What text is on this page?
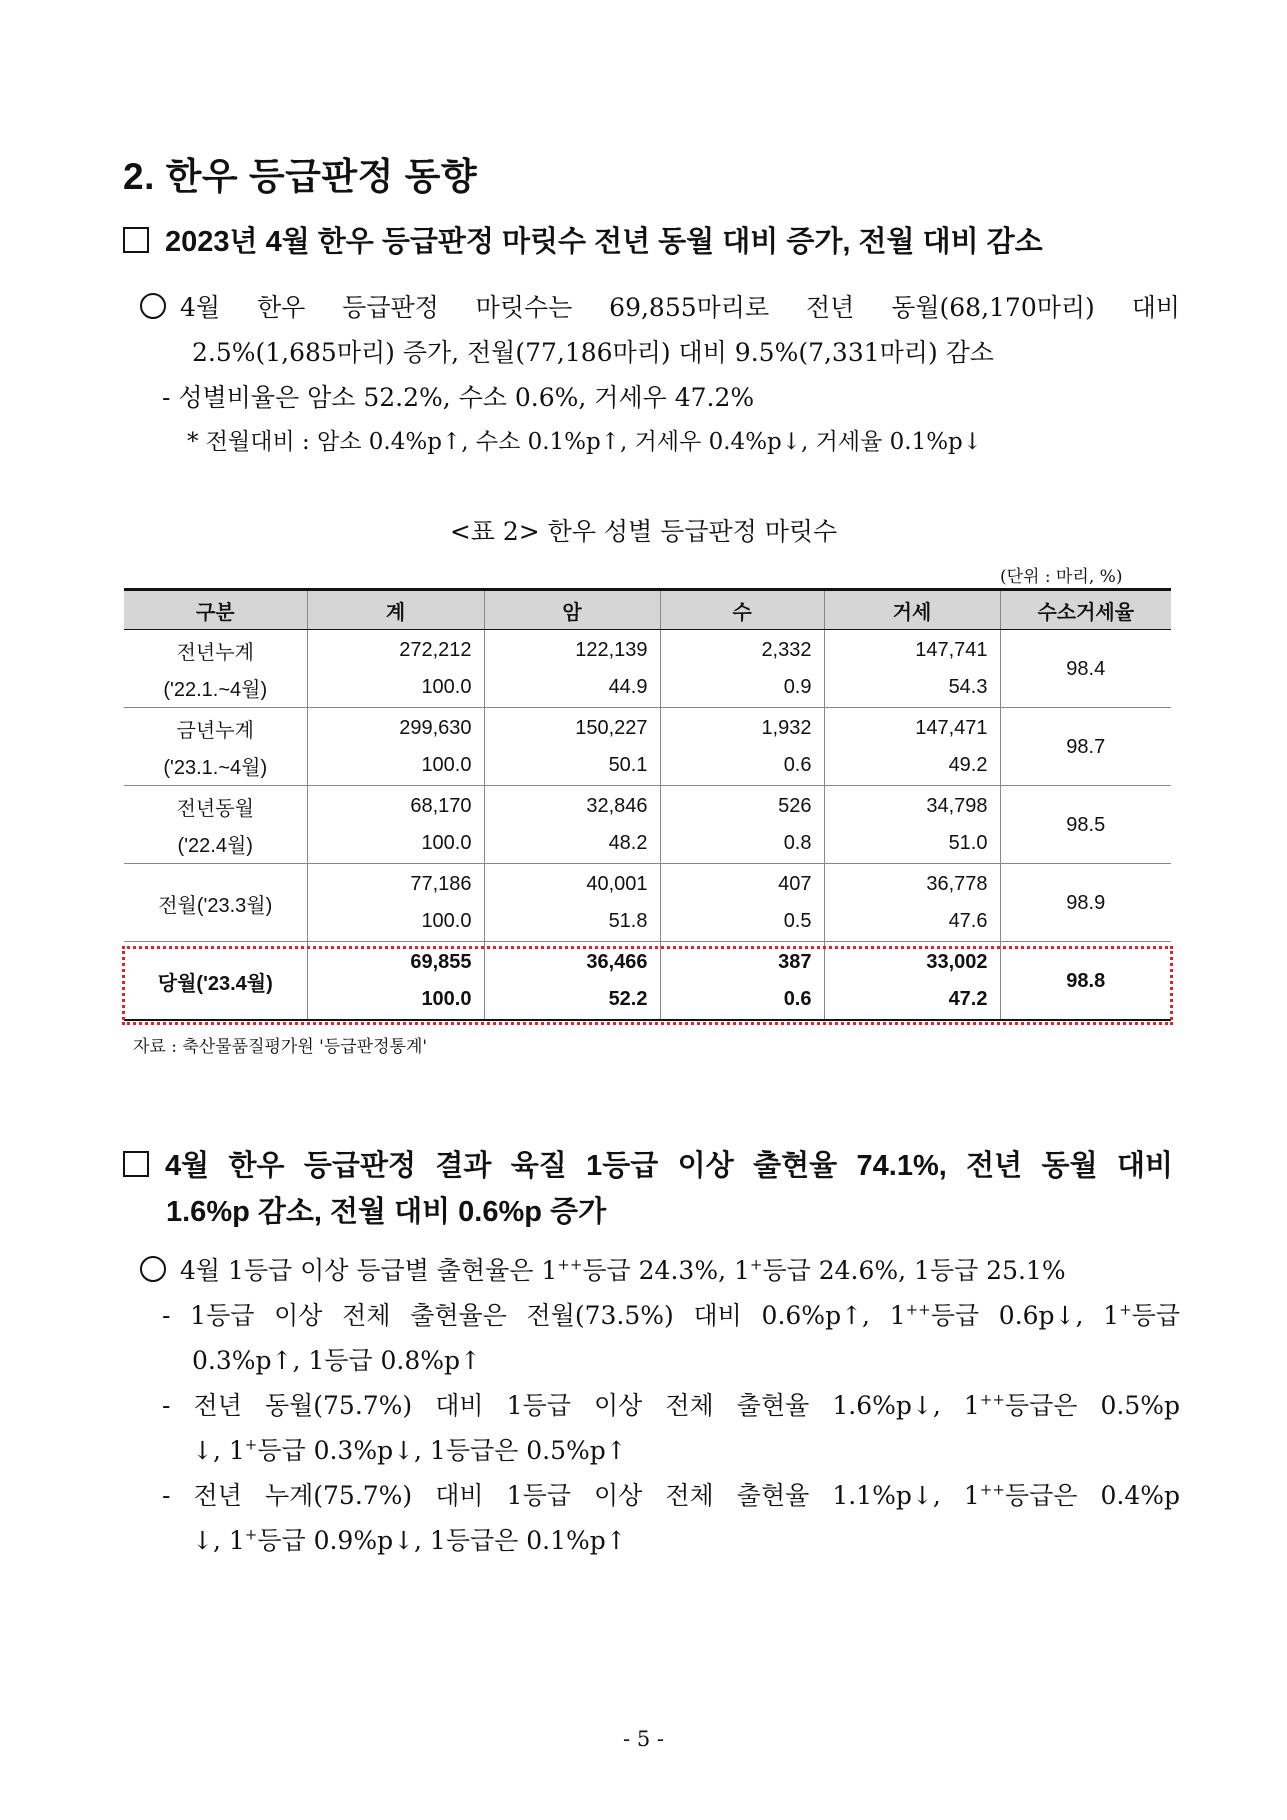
2. 한우 등급판정 동향
2023년 4월 한우 등급판정 마릿수 전년 동월 대비 증가, 전월 대비 감소
4월 한우 등급판정 마릿수는 69,855마리로 전년 동월(68,170마리) 대비
2.5%(1,685마리) 증가, 전월(77,186마리) 대비 9.5%(7,331마리) 감소
- 성별비율은 암소 52.2%, 수소 0.6%, 거세우 47.2%
* 전월대비 : 암소 0.4%p↑, 수소 0.1%p↑, 거세우 0.4%p↓, 거세율 0.1%p↓
<표 2> 한우 성별 등급판정 마릿수
(단위 : 마리, %)
구분	계	암	수	거세	수소거세율
전년누계	272,212	122,139	2,332	147,741	98.4
('22.1.~4월)	100.0	44.9	0.9	54.3	
금년누계	299,630	150,227	1,932	147,471	98.7
('23.1.~4월)	100.0	50.1	0.6	49.2	
전년동월	68,170	32,846	526	34,798	98.5
('22.4월)	100.0	48.2	0.8	51.0	
전월('23.3월)	77,186	40,001	407	36,778	98.9
	100.0	51.8	0.5	47.6	
당월('23.4월)	69,855	36,466	387	33,002	98.8
	100.0	52.2	0.6	47.2	
자료 : 축산물품질평가원 '등급판정통계'
4월 한우 등급판정 결과 육질 1등급 이상 출현율 74.1%, 전년 동월 대비
1.6%p 감소, 전월 대비 0.6%p 증가
4월 1등급 이상 등급별 출현율은 1++등급 24.3%, 1+등급 24.6%, 1등급 25.1%
- 1등급 이상 전체 출현율은 전월(73.5%) 대비 0.6%p↑, 1++등급 0.6p↓, 1+등급
0.3%p↑, 1등급 0.8%p↑
- 전년 동월(75.7%) 대비 1등급 이상 전체 출현율 1.6%p↓, 1++등급은 0.5%p
↓, 1+등급 0.3%p↓, 1등급은 0.5%p↑
- 전년 누계(75.7%) 대비 1등급 이상 전체 출현율 1.1%p↓, 1++등급은 0.4%p
↓, 1+등급 0.9%p↓, 1등급은 0.1%p↑
- 5 -
